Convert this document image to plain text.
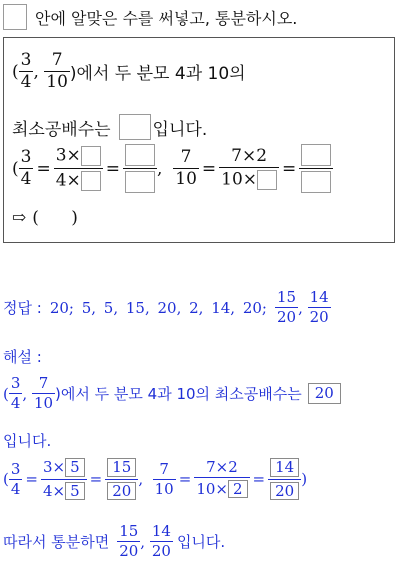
안에 알맞은 수를 써넣고, 통분하시오.
( $\frac{3}{4}$ , $\frac{7}{10}$ )에서 두 분모 4과 10의
최소공배수는 입니다.
( $\frac{3}{4} = \frac{3\times}{4\times}$ = , $\frac{7}{10} = \frac{7\times 2}{10\times}$ =
⇨ (      )
정답 : 20; 5, 5, 15, 20, 2, 14, 20; $\frac{15}{20}$ , $\frac{14}{20}$
해설 :
( $\frac{3}{4}$ , $\frac{7}{10}$ )에서 두 분모 4과 10의 최소공배수는 20
입니다.
( $\frac{3}{4} = \frac{3\times 5}{4\times 5} = \frac{15}{20}$ , $\frac{7}{10} = \frac{7\times 2}{10\times 2} = \frac{14}{20}$ )
따라서 통분하면 $\frac{15}{20}$ , $\frac{14}{20}$ 입니다.
